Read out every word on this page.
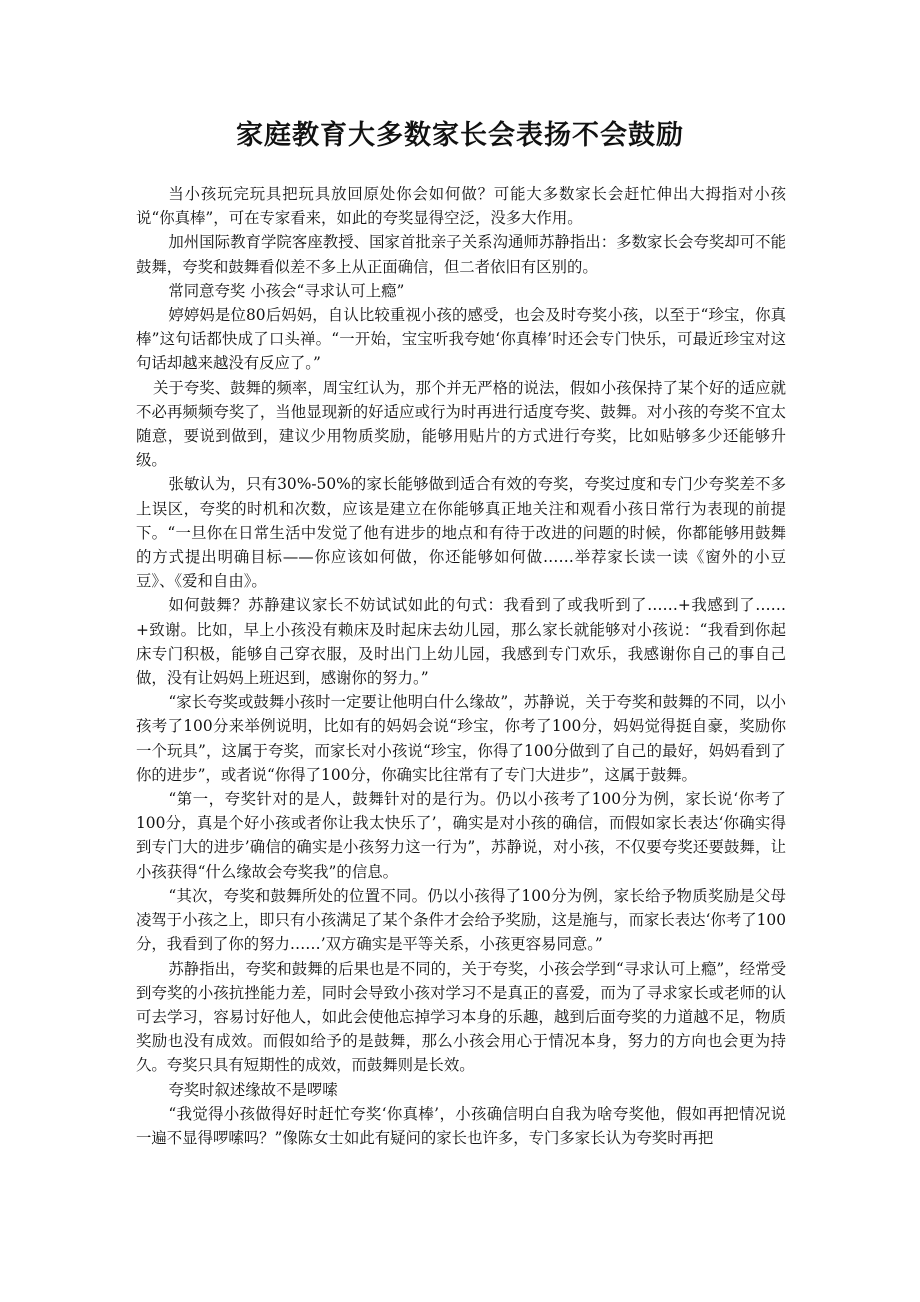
家庭教育大多数家长会表扬不会鼓励

当小孩玩完玩具把玩具放回原处你会如何做？可能大多数家长会赶忙伸出大拇指对小孩说“你真棒”，可在专家看来，如此的夸奖显得空泛，没多大作用。

加州国际教育学院客座教授、国家首批亲子关系沟通师苏静指出：多数家长会夸奖却可不能鼓舞，夸奖和鼓舞看似差不多上从正面确信，但二者依旧有区别的。

常同意夸奖 小孩会“寻求认可上瘾”

婷婷妈是位80后妈妈，自认比较重视小孩的感受，也会及时夸奖小孩，以至于“珍宝，你真棒”这句话都快成了口头禅。“一开始，宝宝听我夸她‘你真棒’时还会专门快乐，可最近珍宝对这句话却越来越没有反应了。”

关于夸奖、鼓舞的频率，周宝红认为，那个并无严格的说法，假如小孩保持了某个好的适应就不必再频频夸奖了，当他显现新的好适应或行为时再进行适度夸奖、鼓舞。对小孩的夸奖不宜太随意，要说到做到，建议少用物质奖励，能够用贴片的方式进行夸奖，比如贴够多少还能够升级。

张敏认为，只有30%-50%的家长能够做到适合有效的夸奖，夸奖过度和专门少夸奖差不多上误区，夸奖的时机和次数，应该是建立在你能够真正地关注和观看小孩日常行为表现的前提下。“一旦你在日常生活中发觉了他有进步的地点和有待于改进的问题的时候，你都能够用鼓舞的方式提出明确目标——你应该如何做，你还能够如何做……举荐家长读一读《窗外的小豆豆》、《爱和自由》。

如何鼓舞？苏静建议家长不妨试试如此的句式：我看到了或我听到了……+我感到了……+致谢。比如，早上小孩没有赖床及时起床去幼儿园，那么家长就能够对小孩说：“我看到你起床专门积极，能够自己穿衣服，及时出门上幼儿园，我感到专门欢乐，我感谢你自己的事自己做，没有让妈妈上班迟到，感谢你的努力。”

“家长夸奖或鼓舞小孩时一定要让他明白什么缘故”，苏静说，关于夸奖和鼓舞的不同，以小孩考了100分来举例说明，比如有的妈妈会说“珍宝，你考了100分，妈妈觉得挺自豪，奖励你一个玩具”，这属于夸奖，而家长对小孩说“珍宝，你得了100分做到了自己的最好，妈妈看到了你的进步”，或者说“你得了100分，你确实比往常有了专门大进步”，这属于鼓舞。

“第一，夸奖针对的是人，鼓舞针对的是行为。仍以小孩考了100分为例，家长说‘你考了100分，真是个好小孩或者你让我太快乐了’，确实是对小孩的确信，而假如家长表达‘你确实得到专门大的进步’确信的确实是小孩努力这一行为”，苏静说，对小孩，不仅要夸奖还要鼓舞，让小孩获得“什么缘故会夸奖我”的信息。

“其次，夸奖和鼓舞所处的位置不同。仍以小孩得了100分为例，家长给予物质奖励是父母凌驾于小孩之上，即只有小孩满足了某个条件才会给予奖励，这是施与，而家长表达‘你考了100分，我看到了你的努力……’双方确实是平等关系，小孩更容易同意。”

苏静指出，夸奖和鼓舞的后果也是不同的，关于夸奖，小孩会学到“寻求认可上瘾”，经常受到夸奖的小孩抗挫能力差，同时会导致小孩对学习不是真正的喜爱，而为了寻求家长或老师的认可去学习，容易讨好他人，如此会使他忘掉学习本身的乐趣，越到后面夸奖的力道越不足，物质奖励也没有成效。而假如给予的是鼓舞，那么小孩会用心于情况本身，努力的方向也会更为持久。夸奖只具有短期性的成效，而鼓舞则是长效。

夸奖时叙述缘故不是啰嗦

“我觉得小孩做得好时赶忙夸奖‘你真棒’，小孩确信明白自我为啥夸奖他，假如再把情况说一遍不显得啰嗦吗？”像陈女士如此有疑问的家长也许多，专门多家长认为夸奖时再把
